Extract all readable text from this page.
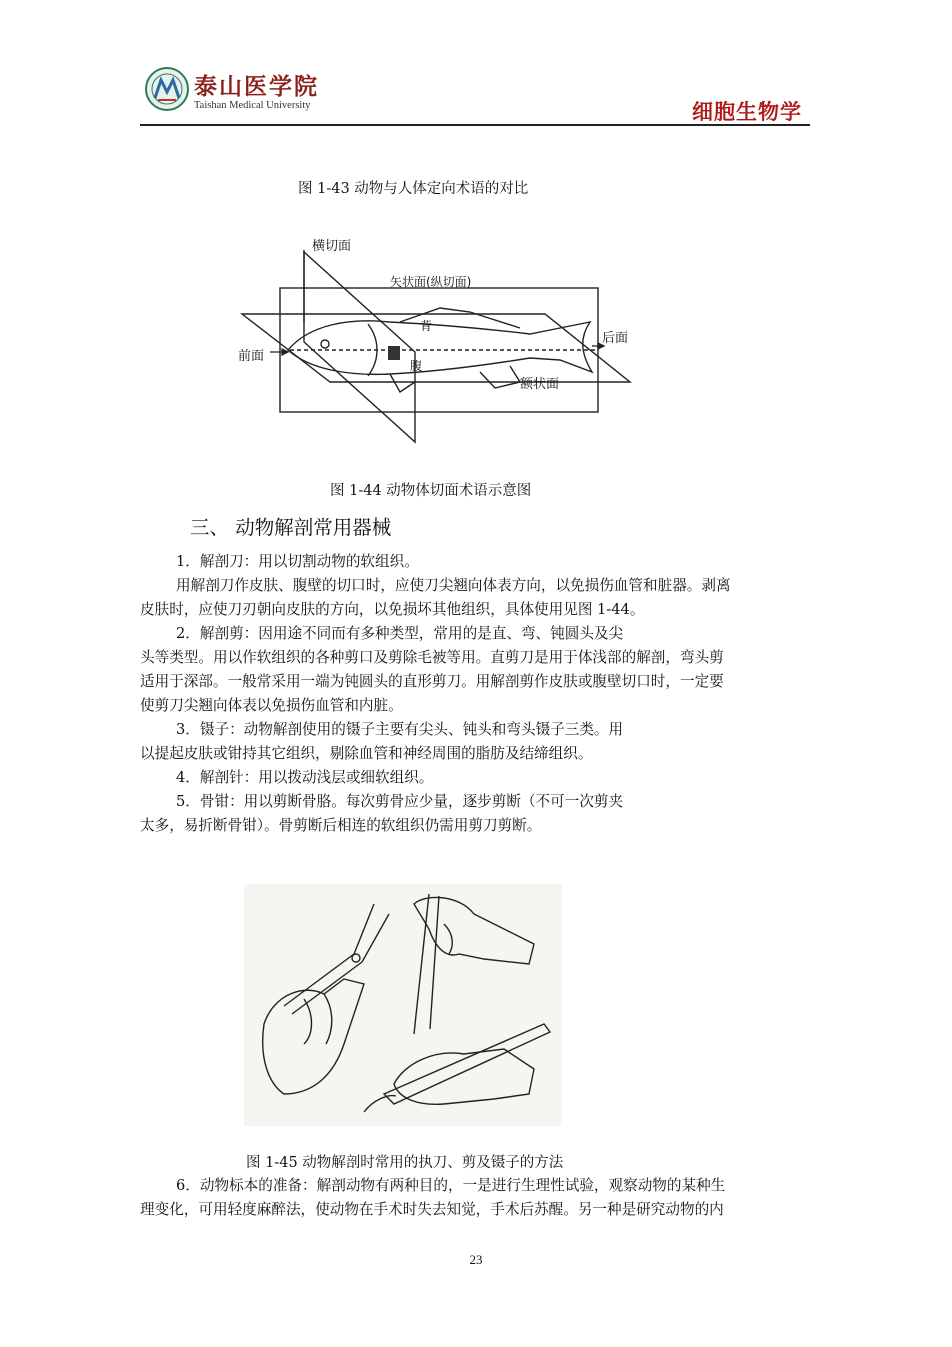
泰山医学院
Taishan Medical University	细胞生物学
图 1-43 动物与人体定向术语的对比
横切面
矢状面(纵切面)
背
腹
前面
后面
额状面
图 1-44 动物体切面术语示意图
三、 动物解剖常用器械
1．解剖刀：用以切割动物的软组织。
用解剖刀作皮肤、腹壁的切口时，应使刀尖翘向体表方向，以免损伤血管和脏器。剥离
皮肤时，应使刀刃朝向皮肤的方向，以免损坏其他组织，具体使用见图 1-44。
2．解剖剪：因用途不同而有多种类型，常用的是直、弯、钝圆头及尖
头等类型。用以作软组织的各种剪口及剪除毛被等用。直剪刀是用于体浅部的解剖，弯头剪
适用于深部。一般常采用一端为钝圆头的直形剪刀。用解剖剪作皮肤或腹壁切口时，一定要
使剪刀尖翘向体表以免损伤血管和内脏。
3．镊子：动物解剖使用的镊子主要有尖头、钝头和弯头镊子三类。用
以提起皮肤或钳持其它组织，剔除血管和神经周围的脂肪及结缔组织。
4．解剖针：用以拨动浅层或细软组织。
5．骨钳：用以剪断骨胳。每次剪骨应少量，逐步剪断（不可一次剪夹
太多，易折断骨钳）。骨剪断后相连的软组织仍需用剪刀剪断。
图 1-45 动物解剖时常用的执刀、剪及镊子的方法
6．动物标本的准备：解剖动物有两种目的，一是进行生理性试验，观察动物的某种生
理变化，可用轻度麻醉法，使动物在手术时失去知觉，手术后苏醒。另一种是研究动物的内
23
